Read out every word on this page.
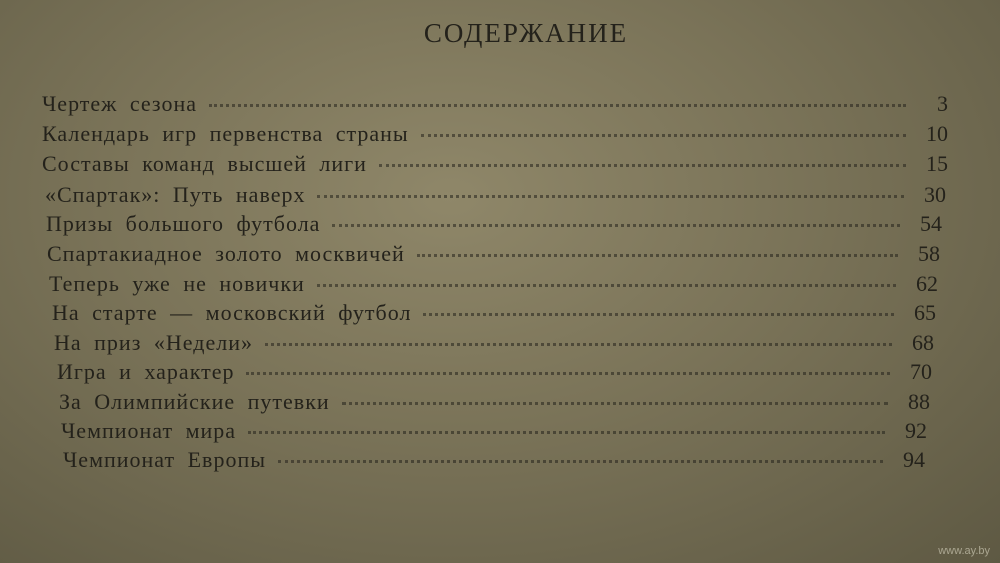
СОДЕРЖАНИЕ
Чертеж сезона	3
Календарь игр первенства страны	10
Составы команд высшей лиги	15
«Спартак»: Путь наверх	30
Призы большого футбола	54
Спартакиадное золото москвичей	58
Теперь уже не новички	62
На старте — московский футбол	65
На приз «Недели»	68
Игра и характер	70
За Олимпийские путевки	88
Чемпионат мира	92
Чемпионат Европы	94
www.ay.by
